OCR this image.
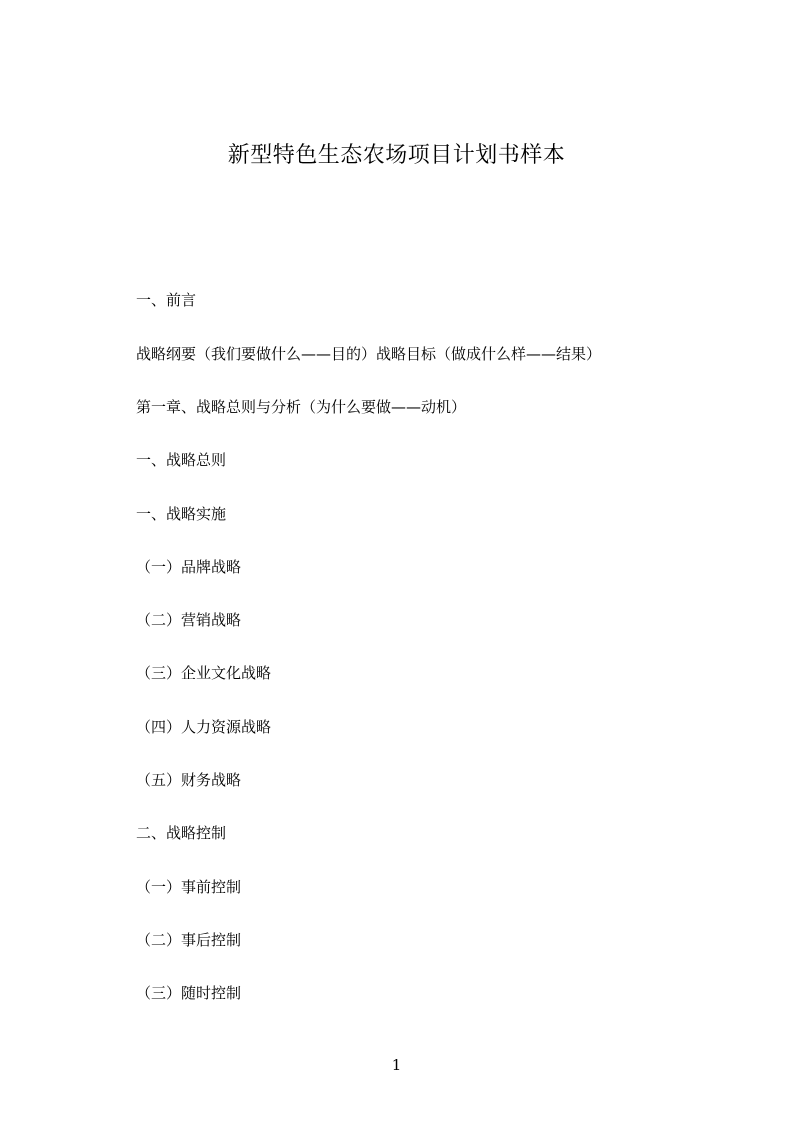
新型特色生态农场项目计划书样本
一、前言
战略纲要（我们要做什么——目的）战略目标（做成什么样——结果）
第一章、战略总则与分析（为什么要做——动机）
一、战略总则
一、战略实施
（一）品牌战略
（二）营销战略
（三）企业文化战略
（四）人力资源战略
（五）财务战略
二、战略控制
（一）事前控制
（二）事后控制
（三）随时控制
1
